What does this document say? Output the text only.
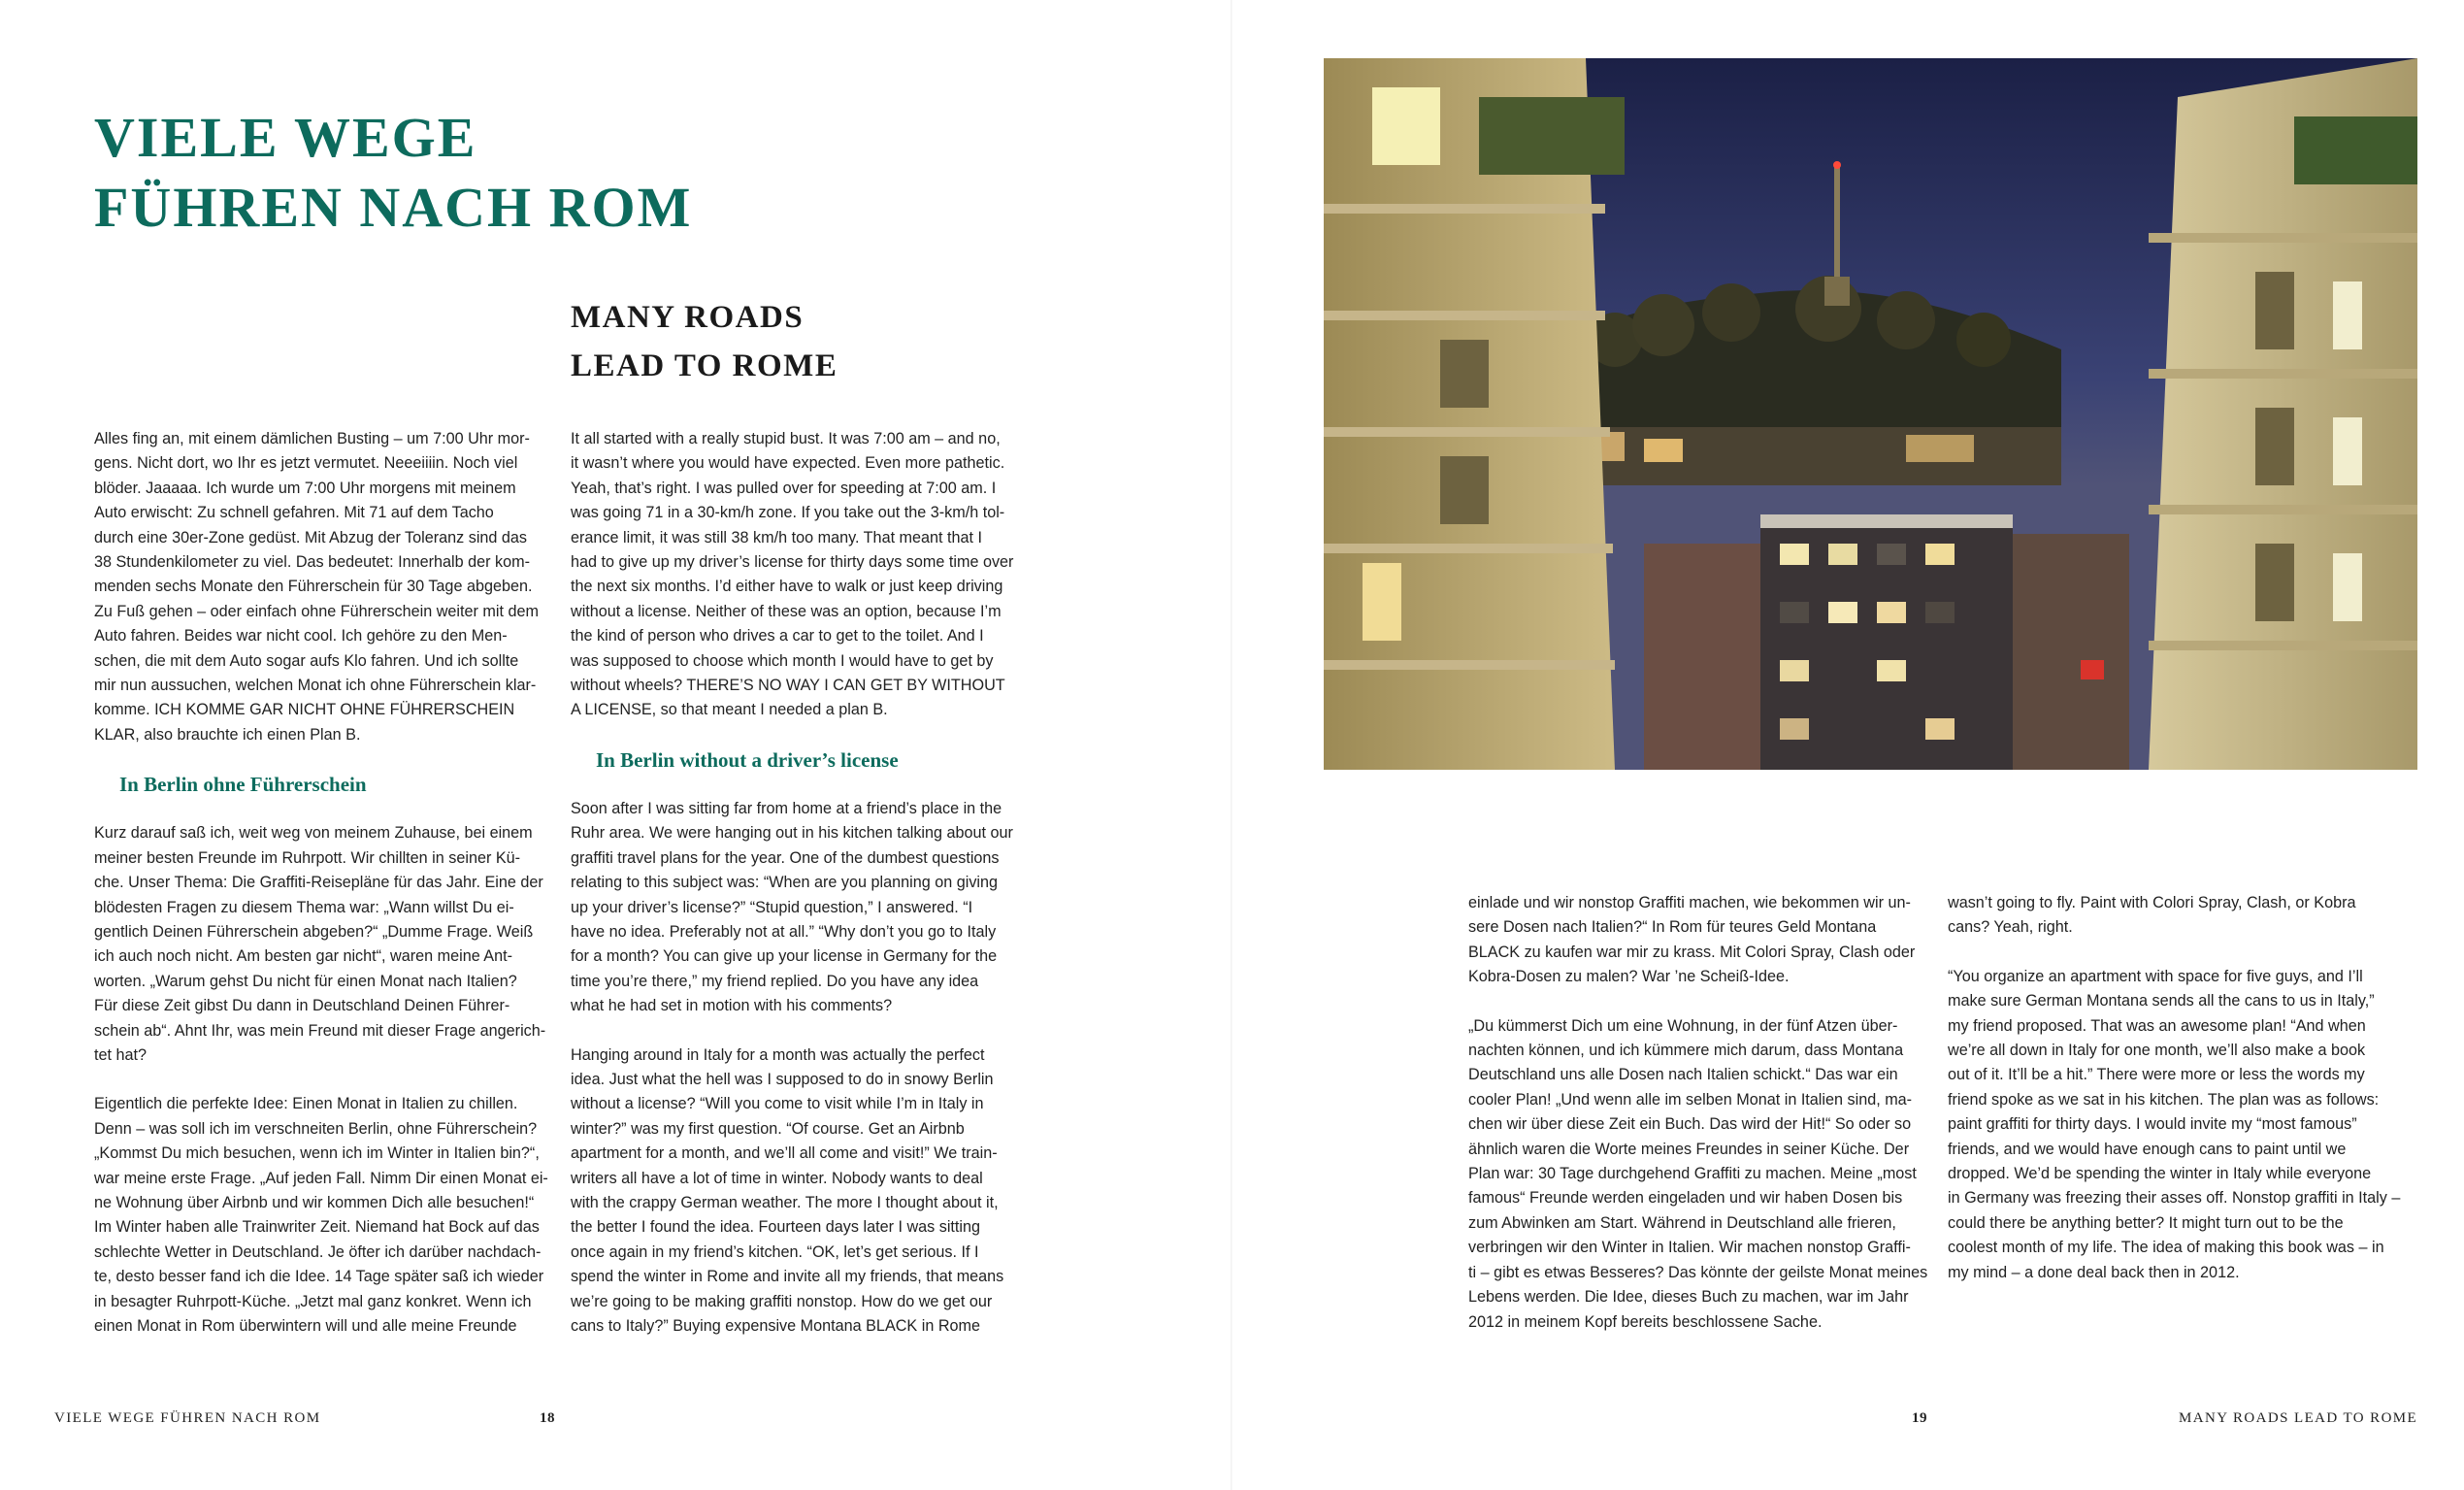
VIELE WEGE
FÜHREN NACH ROM
MANY ROADS
LEAD TO ROME

Alles fing an, mit einem dämlichen Busting – um 7:00 Uhr mor-
gens. Nicht dort, wo Ihr es jetzt vermutet. Neeeiiiin. Noch viel
blöder. Jaaaaa. Ich wurde um 7:00 Uhr morgens mit meinem
Auto erwischt: Zu schnell gefahren. Mit 71 auf dem Tacho
durch eine 30er-Zone gedüst. Mit Abzug der Toleranz sind das
38 Stundenkilometer zu viel. Das bedeutet: Innerhalb der kom-
menden sechs Monate den Führerschein für 30 Tage abgeben.
Zu Fuß gehen – oder einfach ohne Führerschein weiter mit dem
Auto fahren. Beides war nicht cool. Ich gehöre zu den Men-
schen, die mit dem Auto sogar aufs Klo fahren. Und ich sollte
mir nun aussuchen, welchen Monat ich ohne Führerschein klar-
komme. ICH KOMME GAR NICHT OHNE FÜHRERSCHEIN
KLAR, also brauchte ich einen Plan B.

In Berlin ohne Führerschein

Kurz darauf saß ich, weit weg von meinem Zuhause, bei einem
meiner besten Freunde im Ruhrpott. Wir chillten in seiner Kü-
che. Unser Thema: Die Graffiti-Reisepläne für das Jahr. Eine der
blödesten Fragen zu diesem Thema war: „Wann willst Du ei-
gentlich Deinen Führerschein abgeben?“ „Dumme Frage. Weiß
ich auch noch nicht. Am besten gar nicht“, waren meine Ant-
worten. „Warum gehst Du nicht für einen Monat nach Italien?
Für diese Zeit gibst Du dann in Deutschland Deinen Führer-
schein ab“. Ahnt Ihr, was mein Freund mit dieser Frage angerich-
tet hat?

Eigentlich die perfekte Idee: Einen Monat in Italien zu chillen.
Denn – was soll ich im verschneiten Berlin, ohne Führerschein?
„Kommst Du mich besuchen, wenn ich im Winter in Italien bin?“,
war meine erste Frage. „Auf jeden Fall. Nimm Dir einen Monat ei-
ne Wohnung über Airbnb und wir kommen Dich alle besuchen!“
Im Winter haben alle Trainwriter Zeit. Niemand hat Bock auf das
schlechte Wetter in Deutschland. Je öfter ich darüber nachdach-
te, desto besser fand ich die Idee. 14 Tage später saß ich wieder
in besagter Ruhrpott-Küche. „Jetzt mal ganz konkret. Wenn ich
einen Monat in Rom überwintern will und alle meine Freunde

It all started with a really stupid bust. It was 7:00 am – and no,
it wasn’t where you would have expected. Even more pathetic.
Yeah, that’s right. I was pulled over for speeding at 7:00 am. I
was going 71 in a 30-km/h zone. If you take out the 3-km/h tol-
erance limit, it was still 38 km/h too many. That meant that I
had to give up my driver’s license for thirty days some time over
the next six months. I’d either have to walk or just keep driving
without a license. Neither of these was an option, because I’m
the kind of person who drives a car to get to the toilet. And I
was supposed to choose which month I would have to get by
without wheels? THERE’S NO WAY I CAN GET BY WITHOUT
A LICENSE, so that meant I needed a plan B.

In Berlin without a driver’s license

Soon after I was sitting far from home at a friend’s place in the
Ruhr area. We were hanging out in his kitchen talking about our
graffiti travel plans for the year. One of the dumbest questions
relating to this subject was: “When are you planning on giving
up your driver’s license?” “Stupid question,” I answered. “I
have no idea. Preferably not at all.” “Why don’t you go to Italy
for a month? You can give up your license in Germany for the
time you’re there,” my friend replied. Do you have any idea
what he had set in motion with his comments?

Hanging around in Italy for a month was actually the perfect
idea. Just what the hell was I supposed to do in snowy Berlin
without a license? “Will you come to visit while I’m in Italy in
winter?” was my first question. “Of course. Get an Airbnb
apartment for a month, and we’ll all come and visit!” We train-
writers all have a lot of time in winter. Nobody wants to deal
with the crappy German weather. The more I thought about it,
the better I found the idea. Fourteen days later I was sitting
once again in my friend’s kitchen. “OK, let’s get serious. If I
spend the winter in Rome and invite all my friends, that means
we’re going to be making graffiti nonstop. How do we get our
cans to Italy?” Buying expensive Montana BLACK in Rome

VIELE WEGE FÜHREN NACH ROM	18

einlade und wir nonstop Graffiti machen, wie bekommen wir un-
sere Dosen nach Italien?“ In Rom für teures Geld Montana
BLACK zu kaufen war mir zu krass. Mit Colori Spray, Clash oder
Kobra-Dosen zu malen? War ’ne Scheiß-Idee.

„Du kümmerst Dich um eine Wohnung, in der fünf Atzen über-
nachten können, und ich kümmere mich darum, dass Montana
Deutschland uns alle Dosen nach Italien schickt.“ Das war ein
cooler Plan! „Und wenn alle im selben Monat in Italien sind, ma-
chen wir über diese Zeit ein Buch. Das wird der Hit!“ So oder so
ähnlich waren die Worte meines Freundes in seiner Küche. Der
Plan war: 30 Tage durchgehend Graffiti zu machen. Meine „most
famous“ Freunde werden eingeladen und wir haben Dosen bis
zum Abwinken am Start. Während in Deutschland alle frieren,
verbringen wir den Winter in Italien. Wir machen nonstop Graffi-
ti – gibt es etwas Besseres? Das könnte der geilste Monat meines
Lebens werden. Die Idee, dieses Buch zu machen, war im Jahr
2012 in meinem Kopf bereits beschlossene Sache.

wasn’t going to fly. Paint with Colori Spray, Clash, or Kobra
cans? Yeah, right.

“You organize an apartment with space for five guys, and I’ll
make sure German Montana sends all the cans to us in Italy,”
my friend proposed. That was an awesome plan! “And when
we’re all down in Italy for one month, we’ll also make a book
out of it. It’ll be a hit.” There were more or less the words my
friend spoke as we sat in his kitchen. The plan was as follows:
paint graffiti for thirty days. I would invite my “most famous”
friends, and we would have enough cans to paint until we
dropped. We’d be spending the winter in Italy while everyone
in Germany was freezing their asses off. Nonstop graffiti in Italy –
could there be anything better? It might turn out to be the
coolest month of my life. The idea of making this book was – in
my mind – a done deal back then in 2012.

19	MANY ROADS LEAD TO ROME
